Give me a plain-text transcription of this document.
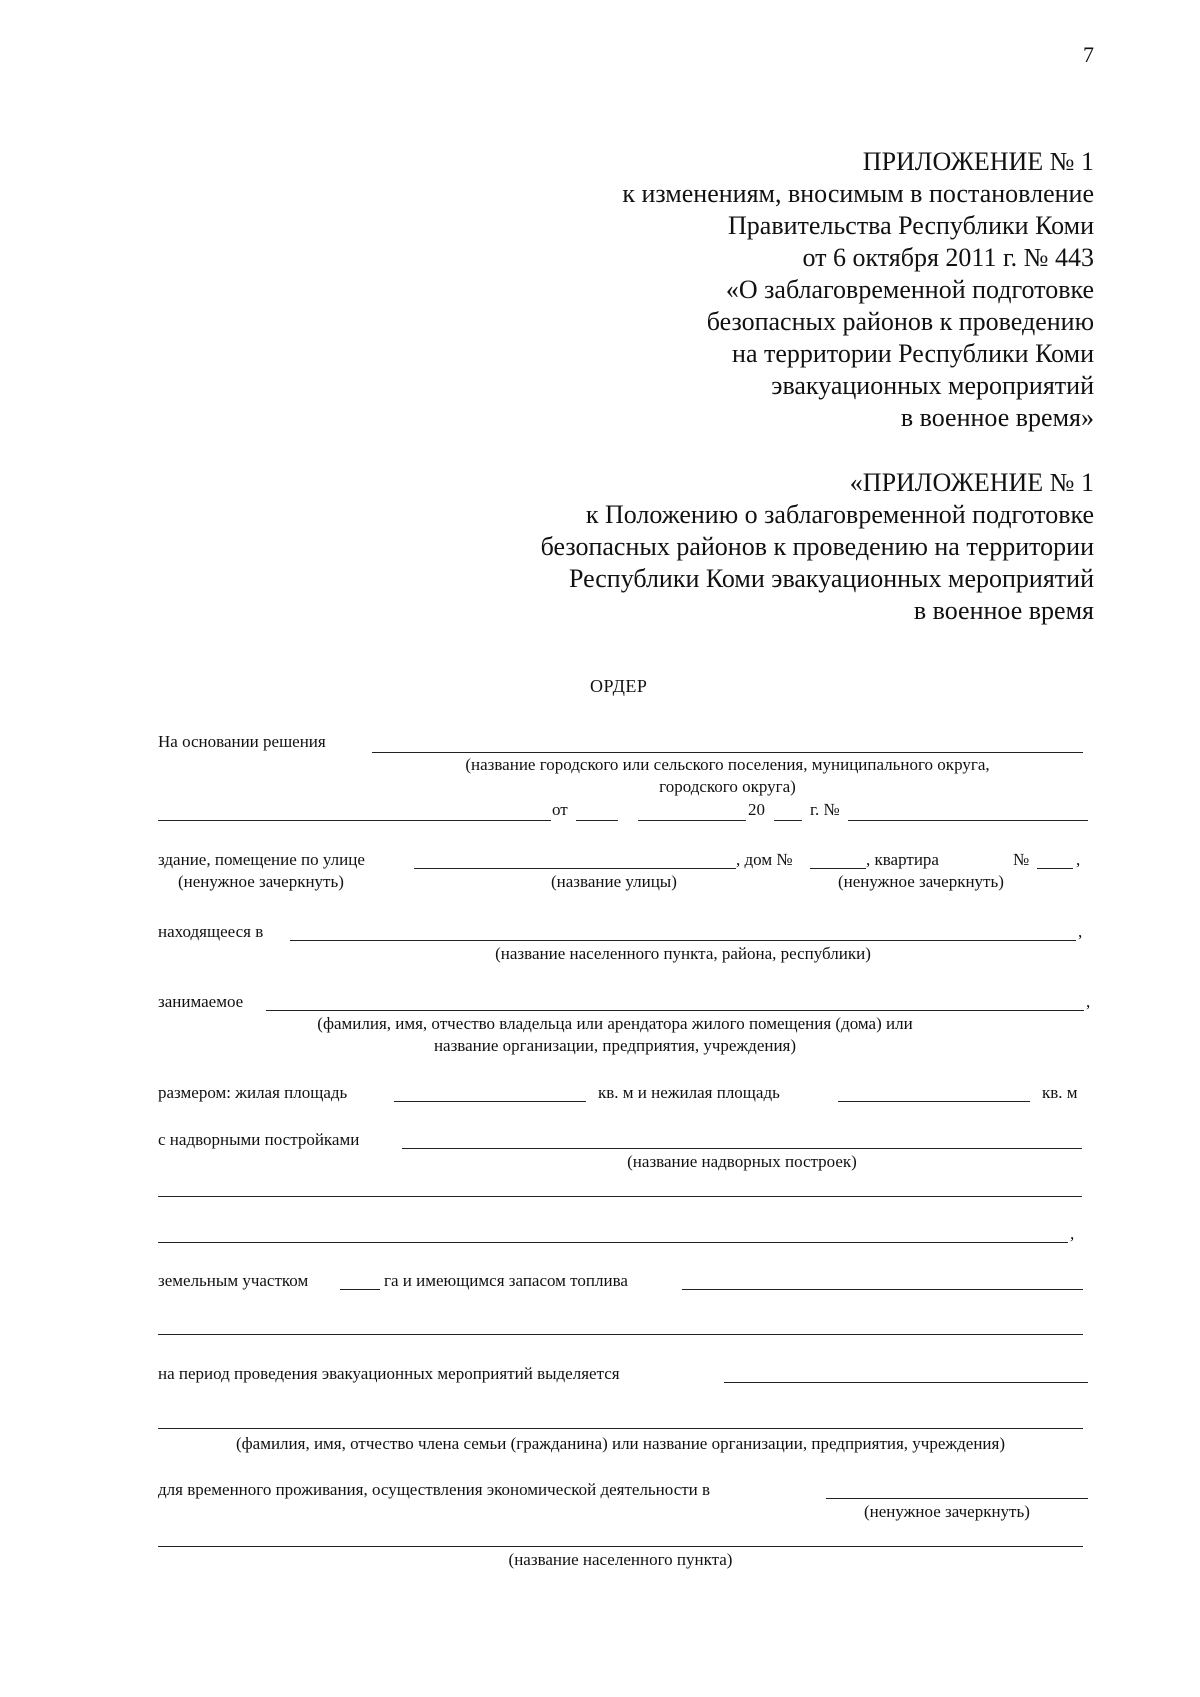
7
ПРИЛОЖЕНИЕ № 1
к изменениям, вносимым в постановление
Правительства Республики Коми
от 6 октября 2011 г. № 443
«О заблаговременной подготовке
безопасных районов к проведению
на территории Республики Коми
эвакуационных мероприятий
в военное время»
«ПРИЛОЖЕНИЕ № 1
к Положению о заблаговременной подготовке
безопасных районов к проведению на территории
Республики Коми эвакуационных мероприятий
в военное время
ОРДЕР
На основании решения
(название городского или сельского поселения, муниципального округа,
городского округа)
от	20	г. №
здание, помещение по улице	, дом №	, квартира	№	,
(ненужное зачеркнуть)	(название улицы)	(ненужное зачеркнуть)
находящееся в	,
(название населенного пункта, района, республики)
занимаемое	,
(фамилия, имя, отчество владельца или арендатора жилого помещения (дома) или
название организации, предприятия, учреждения)
размером: жилая площадь	кв. м и нежилая площадь	кв. м
с надворными постройками
(название надворных построек)
,
земельным участком	га и имеющимся запасом топлива
на период проведения эвакуационных мероприятий выделяется
(фамилия, имя, отчество члена семьи (гражданина) или название организации, предприятия, учреждения)
для временного проживания, осуществления экономической деятельности в
(ненужное зачеркнуть)
(название населенного пункта)
